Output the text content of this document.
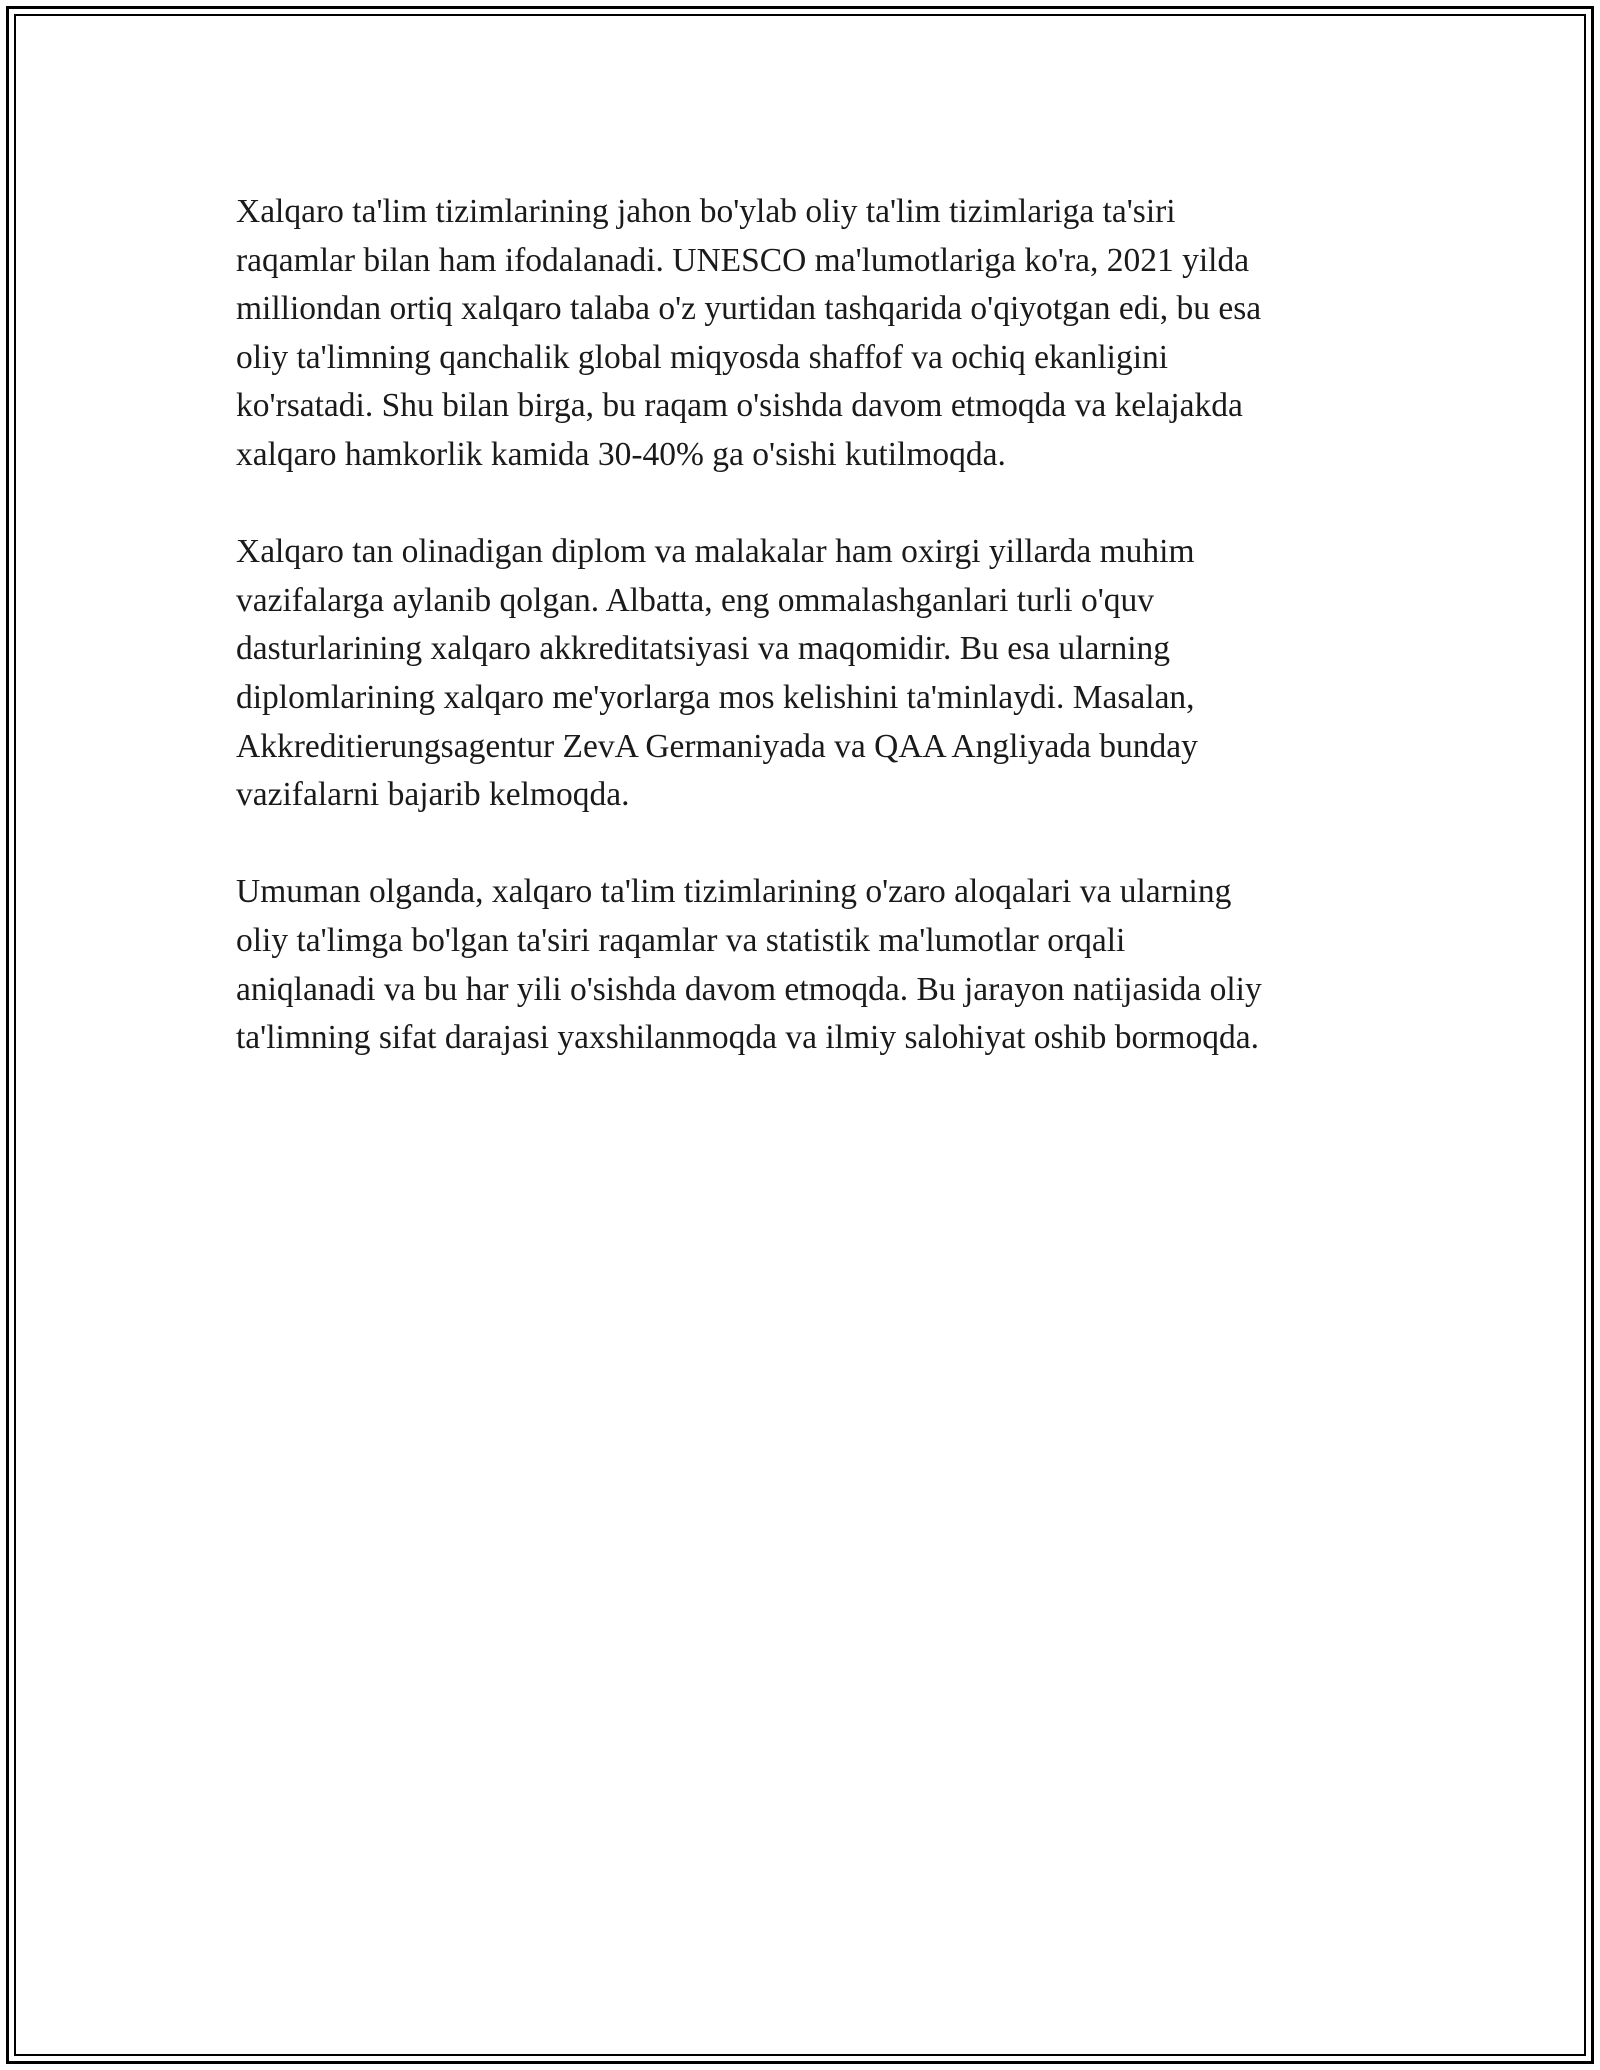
Xalqaro ta'lim tizimlarining jahon bo'ylab oliy ta'lim tizimlariga ta'siri
raqamlar bilan ham ifodalanadi. UNESCO ma'lumotlariga ko'ra, 2021 yilda
milliondan ortiq xalqaro talaba o'z yurtidan tashqarida o'qiyotgan edi, bu esa
oliy ta'limning qanchalik global miqyosda shaffof va ochiq ekanligini
ko'rsatadi. Shu bilan birga, bu raqam o'sishda davom etmoqda va kelajakda
xalqaro hamkorlik kamida 30-40% ga o'sishi kutilmoqda.

Xalqaro tan olinadigan diplom va malakalar ham oxirgi yillarda muhim
vazifalarga aylanib qolgan. Albatta, eng ommalashganlari turli o'quv
dasturlarining xalqaro akkreditatsiyasi va maqomidir. Bu esa ularning
diplomlarining xalqaro me'yorlarga mos kelishini ta'minlaydi. Masalan,
Akkreditierungsagentur ZevA Germaniyada va QAA Angliyada bunday
vazifalarni bajarib kelmoqda.

Umuman olganda, xalqaro ta'lim tizimlarining o'zaro aloqalari va ularning
oliy ta'limga bo'lgan ta'siri raqamlar va statistik ma'lumotlar orqali
aniqlanadi va bu har yili o'sishda davom etmoqda. Bu jarayon natijasida oliy
ta'limning sifat darajasi yaxshilanmoqda va ilmiy salohiyat oshib bormoqda.
